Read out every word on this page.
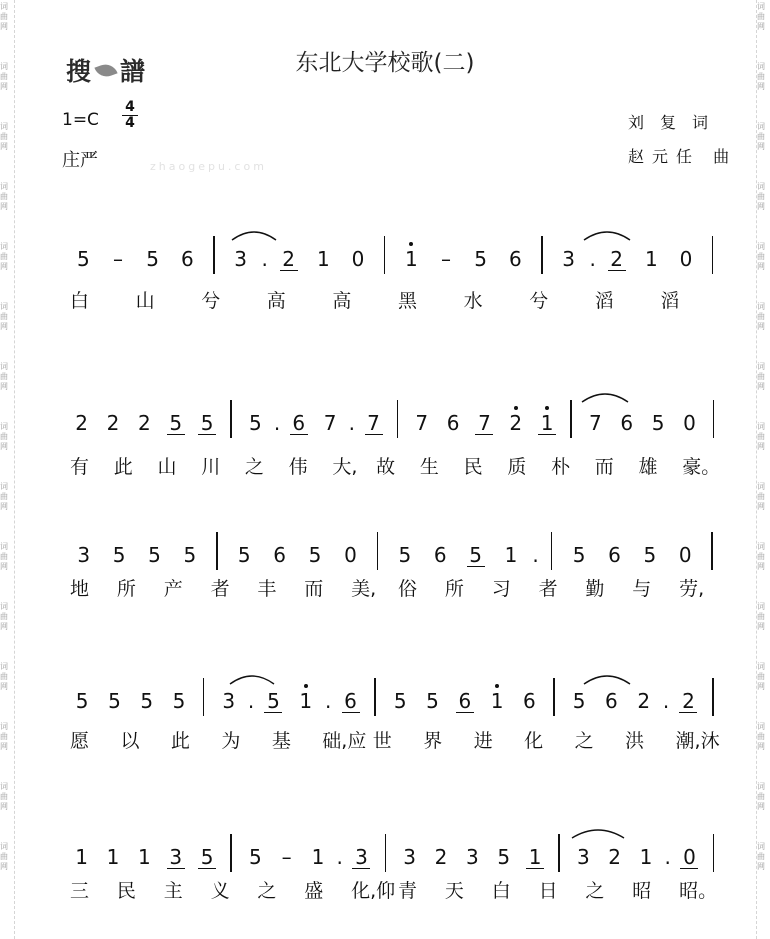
词曲网
词曲网
词曲网
词曲网
词曲网
词曲网
词曲网
词曲网
词曲网
词曲网
词曲网
词曲网
词曲网
词曲网
词曲网
词曲网
词曲网
词曲网
词曲网
词曲网
词曲网
词曲网
词曲网
词曲网
词曲网
词曲网
词曲网
词曲网
词曲网
词曲网
搜 譜	东北大学校歌(二)
1=C
4
4
庄严
刘复词
赵元任 曲
zhaogepu.com
5 – 5 6 3 . 2 1 0 1 – 5 6 3 . 2 1 0
白 山 兮 高 高 黑 水 兮 滔 滔
2 2 2 5 5 5 . 6 7 . 7 7 6 7 2 1 7 6 5 0
有 此 山 川 之 伟 大, 故 生 民 质 朴 而 雄 豪。
3 5 5 5 5 6 5 0 5 6 5 1 . 5 6 5 0
地 所 产 者 丰 而 美, 俗 所 习 者 勤 与 劳,
5 5 5 5 3 . 5 1 . 6 5 5 6 1 6 5 6 2 . 2
愿 以 此 为 基 础,应 世 界 进 化 之 洪 潮,沐
1 1 1 3 5 5 – 1 . 3 3 2 3 5 1 3 2 1 . 0
三 民 主 义 之 盛 化,仰 青 天 白 日 之 昭 昭。
